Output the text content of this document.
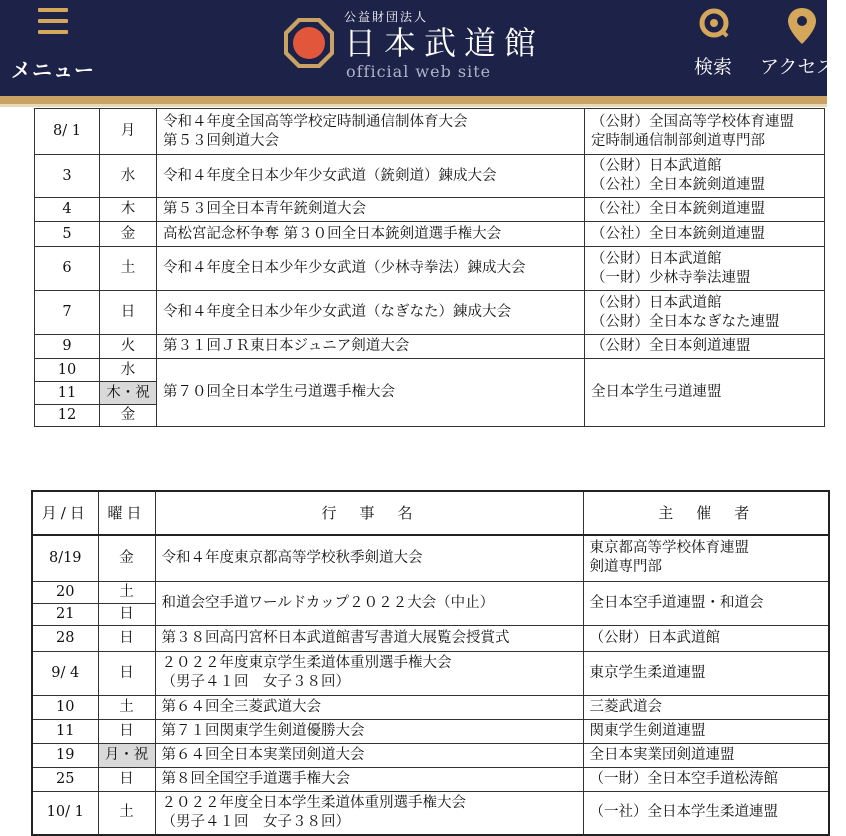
メニュー
公益財団法人
日本武道館
official web site	検索 アクセス
8/ 1	月	令和４年度全国高等学校定時制通信制体育大会
第５３回剣道大会	（公財）全国高等学校体育連盟
定時制通信制部剣道専門部

3	水	令和４年度全日本少年少女武道（銃剣道）錬成大会	（公財）日本武道館
（公社）全日本銃剣道連盟

4	木	第５３回全日本青年銃剣道大会	（公社）全日本銃剣道連盟
5	金	高松宮記念杯争奪 第３０回全日本銃剣道選手権大会	（公社）全日本銃剣道連盟
6	土	令和４年度全日本少年少女武道（少林寺拳法）錬成大会	（公財）日本武道館
（一財）少林寺拳法連盟

7	日	令和４年度全日本少年少女武道（なぎなた）錬成大会	（公財）日本武道館
（公財）全日本なぎなた連盟

9	火	第３１回ＪＲ東日本ジュニア剣道大会	（公財）全日本剣道連盟
10	水	第７０回全日本学生弓道選手権大会	全日本学生弓道連盟
11	木・祝		
12	金		
月/日	曜日	行　事　名	主　催　者
8/19	金	令和４年度東京都高等学校秋季剣道大会	東京都高等学校体育連盟
剣道専門部

20	土	和道会空手道ワールドカップ２０２２大会（中止）	全日本空手道連盟・和道会
21	日		
28	日	第３８回高円宮杯日本武道館書写書道大展覧会授賞式	（公財）日本武道館
9/ 4	日	２０２２年度東京学生柔道体重別選手権大会
（男子４１回　女子３８回）	東京学生柔道連盟
10	土	第６４回全三菱武道大会	三菱武道会
11	日	第７１回関東学生剣道優勝大会	関東学生剣道連盟
19	月・祝	第６４回全日本実業団剣道大会	全日本実業団剣道連盟
25	日	第８回全国空手道選手権大会	（一財）全日本空手道松涛館
10/ 1	土	２０２２年度全日本学生柔道体重別選手権大会
（男子４１回　女子３８回）	（一社）全日本学生柔道連盟
